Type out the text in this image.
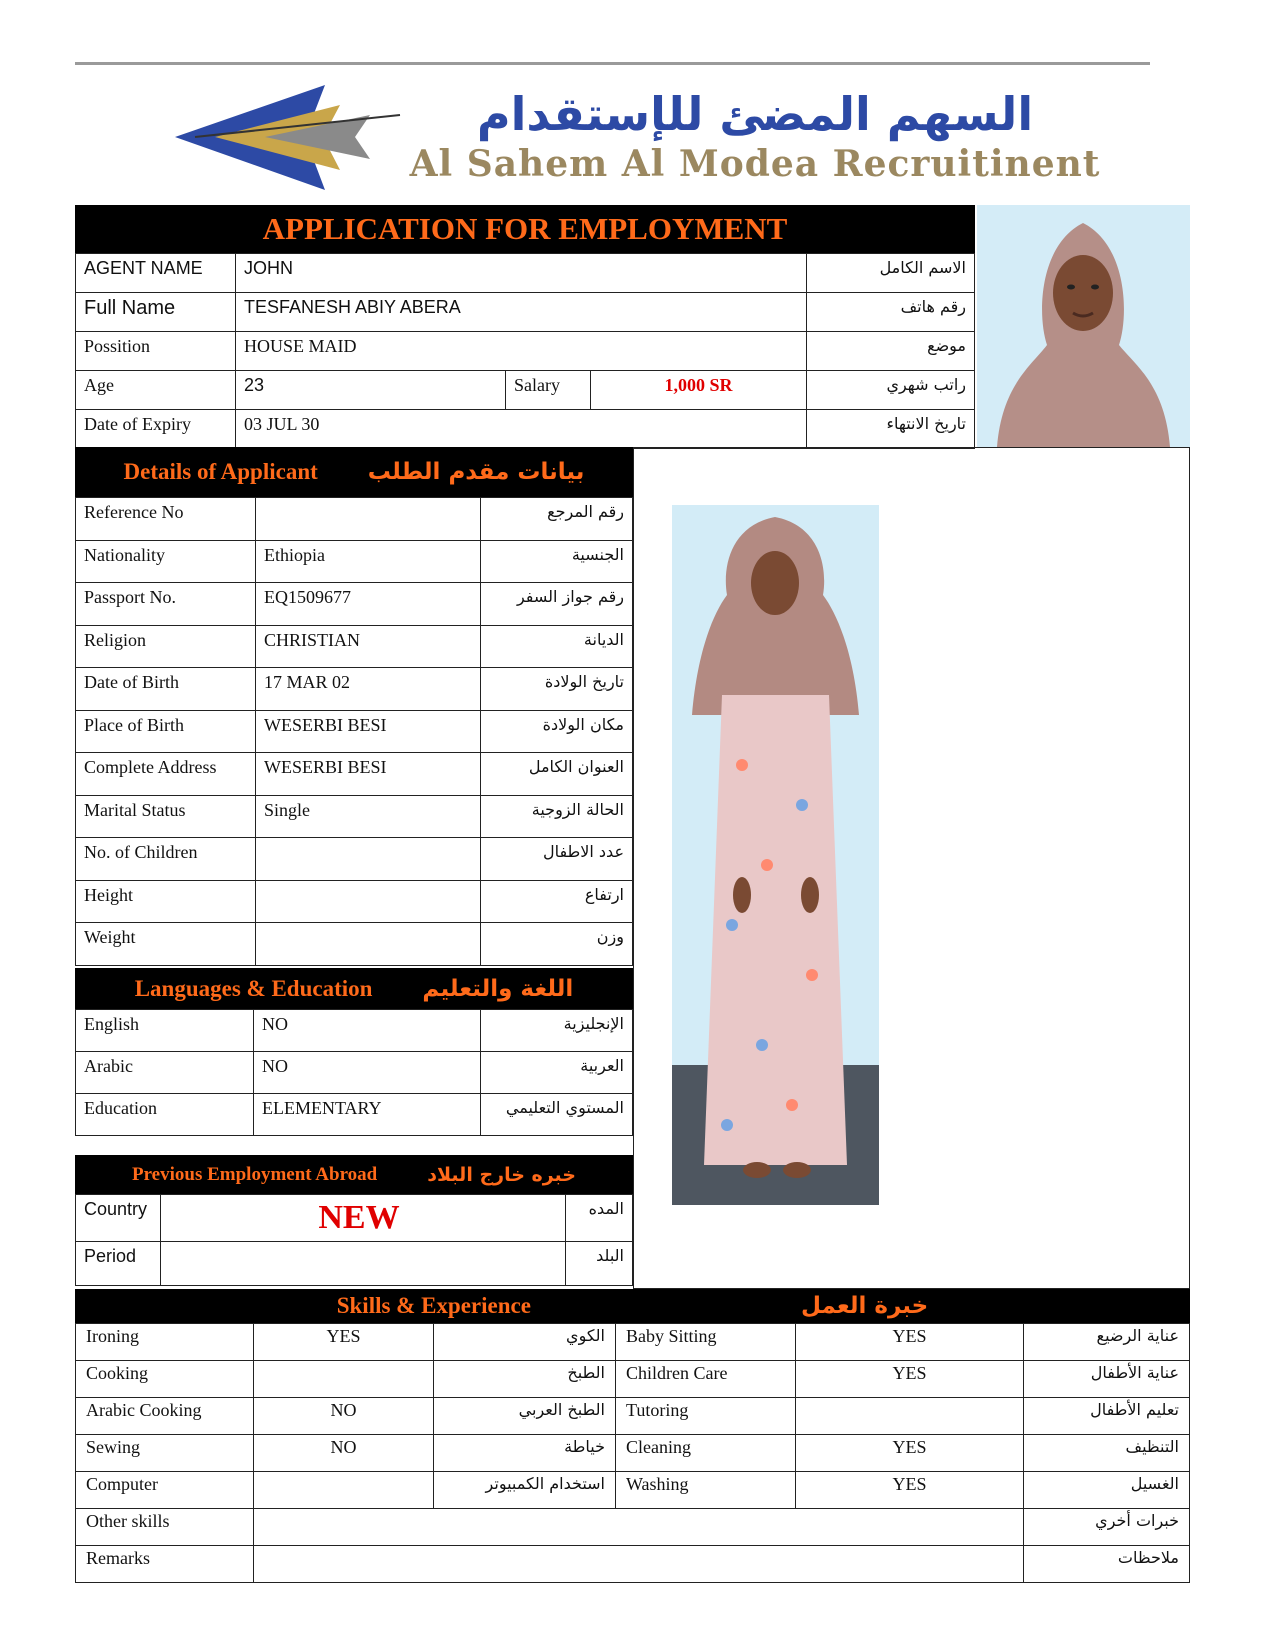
السهم المضئ للإستقدام
Al Sahem Al Modea Recruitinent
APPLICATION FOR EMPLOYMENT
AGENT NAME	JOHN			الاسم الكامل
Full Name	TESFANESH ABIY ABERA			رقم هاتف
Possition	HOUSE MAID			موضع
Age	23	Salary	1,000 SR	راتب شهري
Date of Expiry	03 JUL 30			تاريخ الانتهاء
Details of Applicant بيانات مقدم الطلب
Reference No		رقم المرجع
Nationality	Ethiopia	الجنسية
Passport No.	EQ1509677	رقم جواز السفر
Religion	CHRISTIAN	الديانة
Date of Birth	17 MAR 02	تاريخ الولادة
Place of Birth	WESERBI BESI	مكان الولادة
Complete Address	WESERBI BESI	العنوان الكامل
Marital Status	Single	الحالة الزوجية
No. of Children		عدد الاطفال
Height		ارتفاع
Weight		وزن
Languages & Education اللغة والتعليم
English	NO	الإنجليزية
Arabic	NO	العربية
Education	ELEMENTARY	المستوي التعليمي
Previous Employment Abroad	خبره خارج البلاد
Country	NEW	المده
Period		البلد
Skills & Experience	خبرة العمل
Ironing	YES	الكوي	Baby Sitting	YES	عناية الرضيع
Cooking		الطبخ	Children Care	YES	عناية الأطفال
Arabic Cooking	NO	الطبخ العربي	Tutoring		تعليم الأطفال
Sewing	NO	خياطة	Cleaning	YES	التنظيف
Computer		استخدام الكمبيوتر	Washing	YES	الغسيل
Other skills					خبرات أخري
Remarks					ملاحظات
